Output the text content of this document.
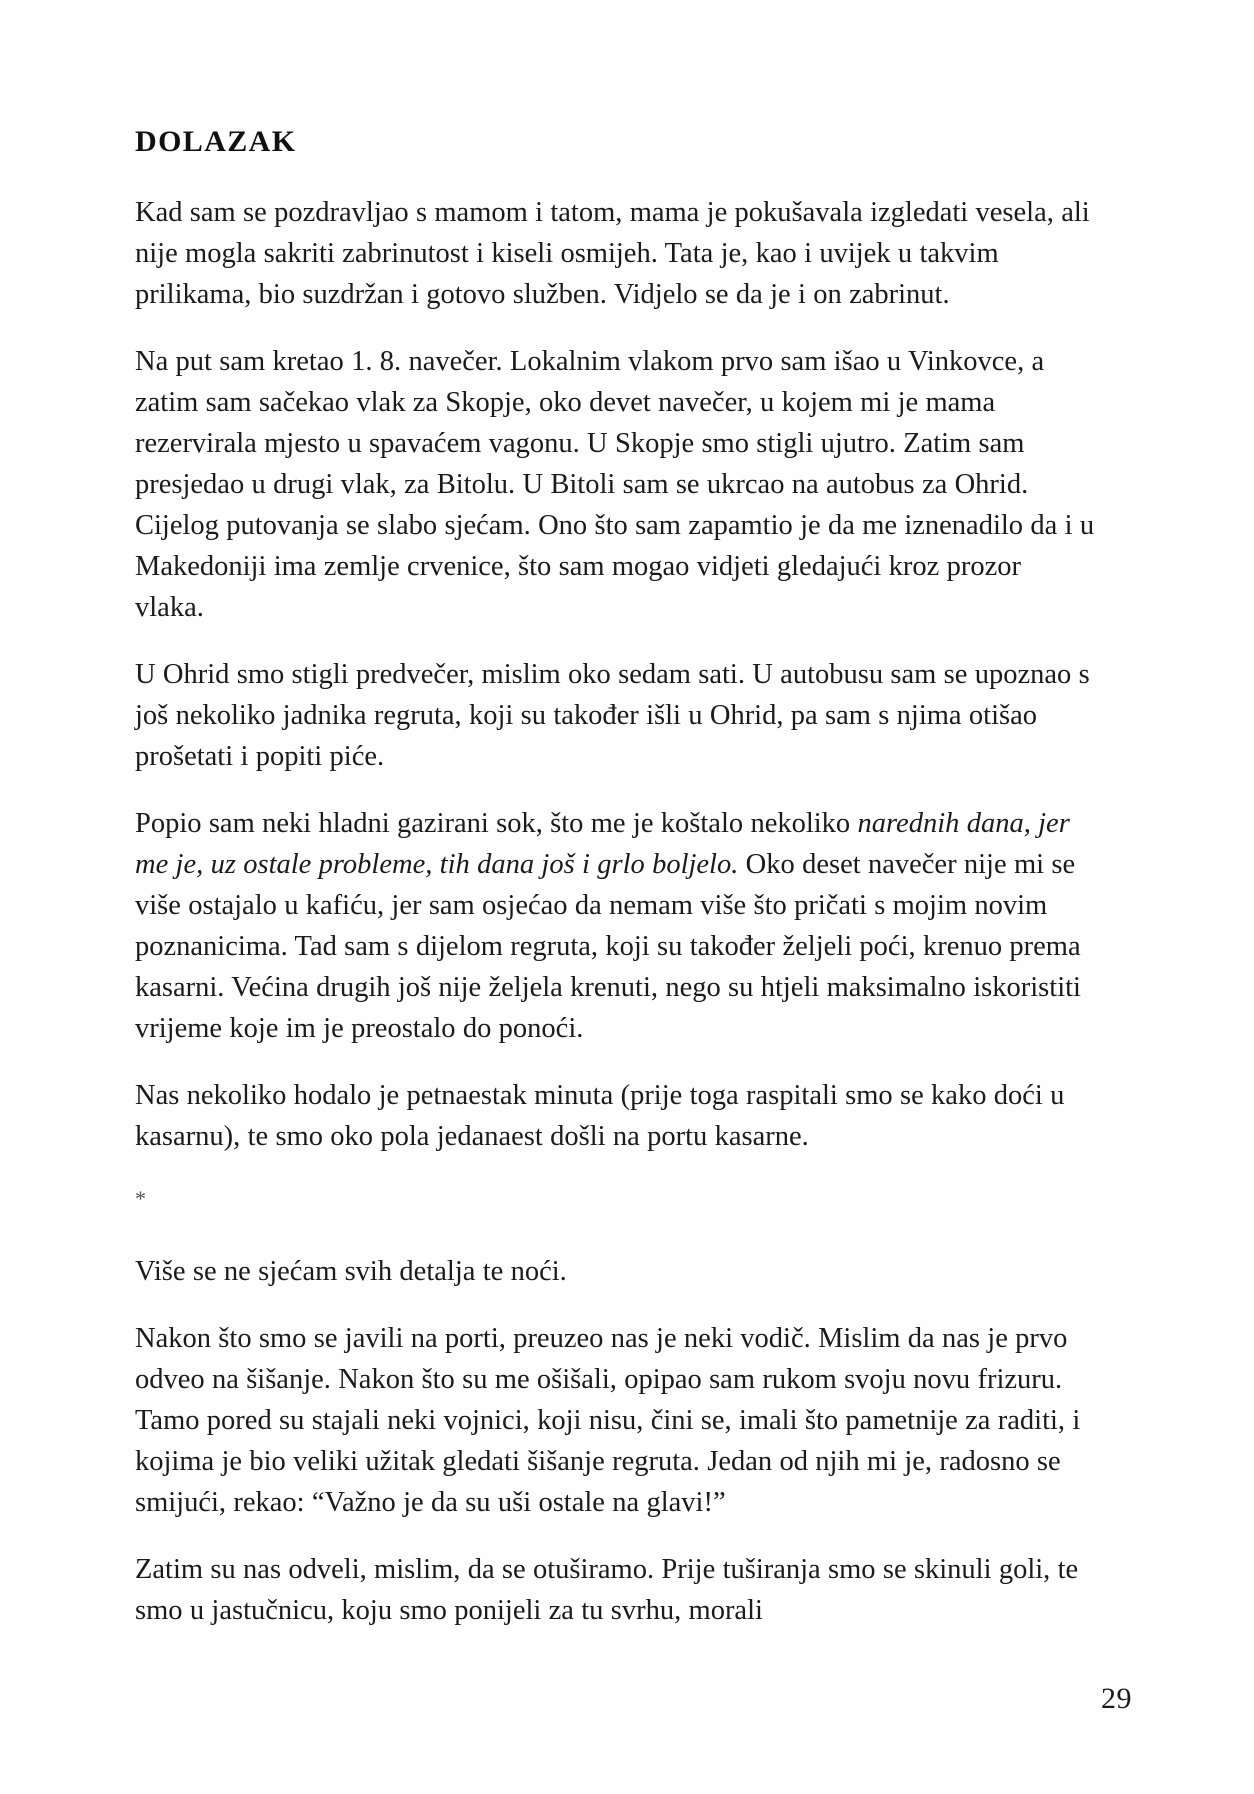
DOLAZAK

Kad sam se pozdravljao s mamom i tatom, mama je pokušavala izgledati vesela, ali nije mogla sakriti zabrinutost i kiseli osmijeh. Tata je, kao i uvijek u takvim prilikama, bio suzdržan i gotovo služben. Vidjelo se da je i on zabrinut.

Na put sam kretao 1. 8. navečer. Lokalnim vlakom prvo sam išao u Vinkovce, a zatim sam sačekao vlak za Skopje, oko devet navečer, u kojem mi je mama rezervirala mjesto u spavaćem vagonu. U Skopje smo stigli ujutro. Zatim sam presjedao u drugi vlak, za Bitolu. U Bitoli sam se ukrcao na autobus za Ohrid. Cijelog putovanja se slabo sjećam. Ono što sam zapamtio je da me iznenadilo da i u Makedoniji ima zemlje crvenice, što sam mogao vidjeti gledajući kroz prozor vlaka.

U Ohrid smo stigli predvečer, mislim oko sedam sati. U autobusu sam se upoznao s još nekoliko jadnika regruta, koji su također išli u Ohrid, pa sam s njima otišao prošetati i popiti piće.

Popio sam neki hladni gazirani sok, što me je koštalo nekoliko narednih dana, jer me je, uz ostale probleme, tih dana još i grlo boljelo. Oko deset navečer nije mi se više ostajalo u kafiću, jer sam osjećao da nemam više što pričati s mojim novim poznanicima. Tad sam s dijelom regruta, koji su također željeli poći, krenuo prema kasarni. Većina drugih još nije željela krenuti, nego su htjeli maksimalno iskoristiti vrijeme koje im je preostalo do ponoći.

Nas nekoliko hodalo je petnaestak minuta (prije toga raspitali smo se kako doći u kasarnu), te smo oko pola jedanaest došli na portu kasarne.

*

Više se ne sjećam svih detalja te noći.

Nakon što smo se javili na porti, preuzeo nas je neki vodič. Mislim da nas je prvo odveo na šišanje. Nakon što su me ošišali, opipao sam rukom svoju novu frizuru. Tamo pored su stajali neki vojnici, koji nisu, čini se, imali što pametnije za raditi, i kojima je bio veliki užitak gledati šišanje regruta. Jedan od njih mi je, radosno se smijući, rekao: “Važno je da su uši ostale na glavi!”

Zatim su nas odveli, mislim, da se otuširamo. Prije tuširanja smo se skinuli goli, te smo u jastučnicu, koju smo ponijeli za tu svrhu, morali

29
